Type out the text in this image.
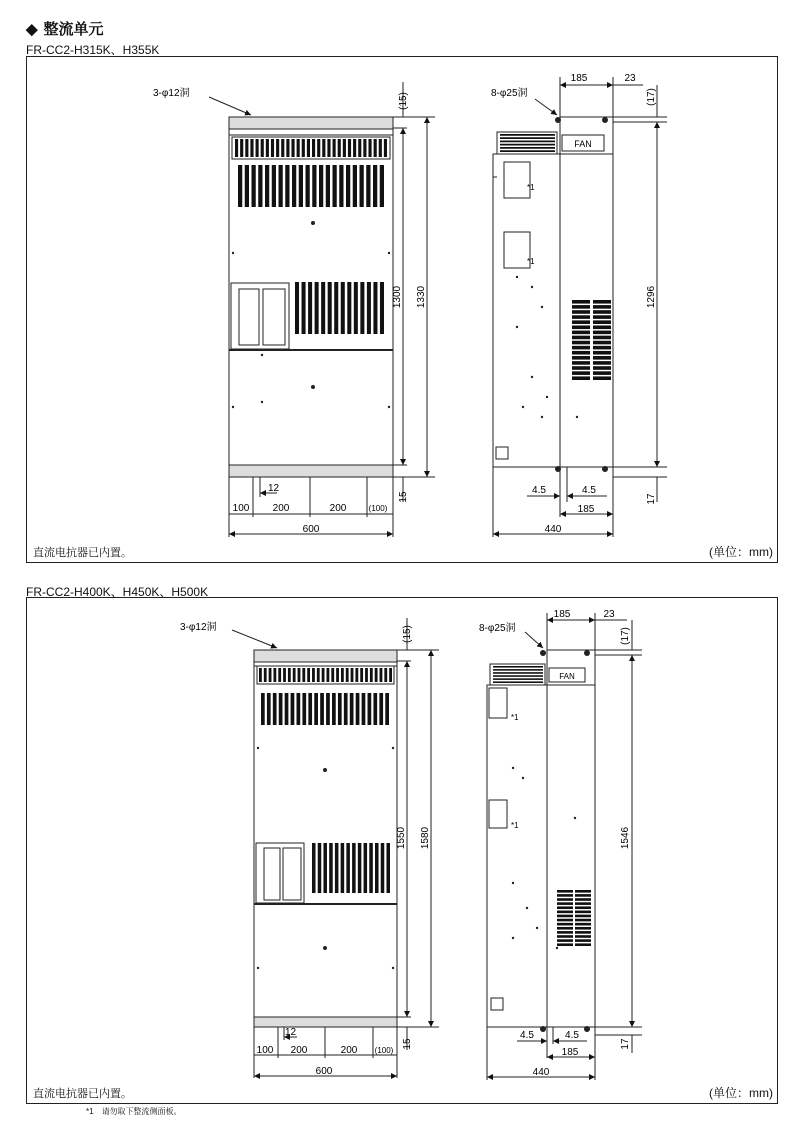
◆ 整流单元
FR-CC2-H315K、H355K
3-φ12洞	(15)
1300 1330
15
12
100 200	200	(100)
600
*1
*1
FAN
8-φ25洞
185	23
(17)
1296
17
4.5	4.5
185
440
直流电抗器已内置。	(单位：mm)
FR-CC2-H400K、H450K、H500K
3-φ12洞	(15)
1550 1580
15
12
100 200	200 (100)
600
*1
*1
FAN
8-φ25洞
185	23
(17)
1546
17
4.5	4.5
185
440
直流电抗器已内置。	(单位：mm)
*1 请勿取下整流侧面板。
